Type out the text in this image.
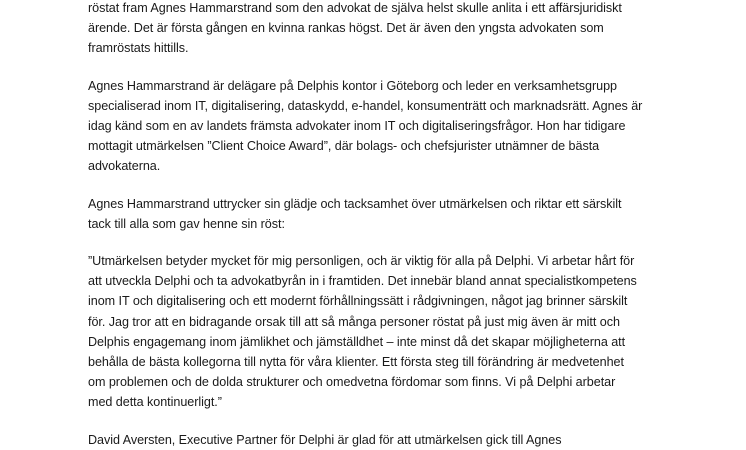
röstat fram Agnes Hammarstrand som den advokat de själva helst skulle anlita i ett affärsjuridiskt
ärende. Det är första gången en kvinna rankas högst. Det är även den yngsta advokaten som
framröstats hittills.

Agnes Hammarstrand är delägare på Delphis kontor i Göteborg och leder en verksamhetsgrupp
specialiserad inom IT, digitalisering, dataskydd, e-handel, konsumenträtt och marknadsrätt. Agnes är
idag känd som en av landets främsta advokater inom IT och digitaliseringsfrågor. Hon har tidigare
mottagit utmärkelsen ”Client Choice Award”, där bolags- och chefsjurister utnämner de bästa
advokaterna.

Agnes Hammarstrand uttrycker sin glädje och tacksamhet över utmärkelsen och riktar ett särskilt
tack till alla som gav henne sin röst:

”Utmärkelsen betyder mycket för mig personligen, och är viktig för alla på Delphi. Vi arbetar hårt för
att utveckla Delphi och ta advokatbyrån in i framtiden. Det innebär bland annat specialistkompetens
inom IT och digitalisering och ett modernt förhållningssätt i rådgivningen, något jag brinner särskilt
för. Jag tror att en bidragande orsak till att så många personer röstat på just mig även är mitt och
Delphis engagemang inom jämlikhet och jämställdhet – inte minst då det skapar möjligheterna att
behålla de bästa kollegorna till nytta för våra klienter. Ett första steg till förändring är medvetenhet
om problemen och de dolda strukturer och omedvetna fördomar som finns. Vi på Delphi arbetar
med detta kontinuerligt.”

David Aversten, Executive Partner för Delphi är glad för att utmärkelsen gick till Agnes
